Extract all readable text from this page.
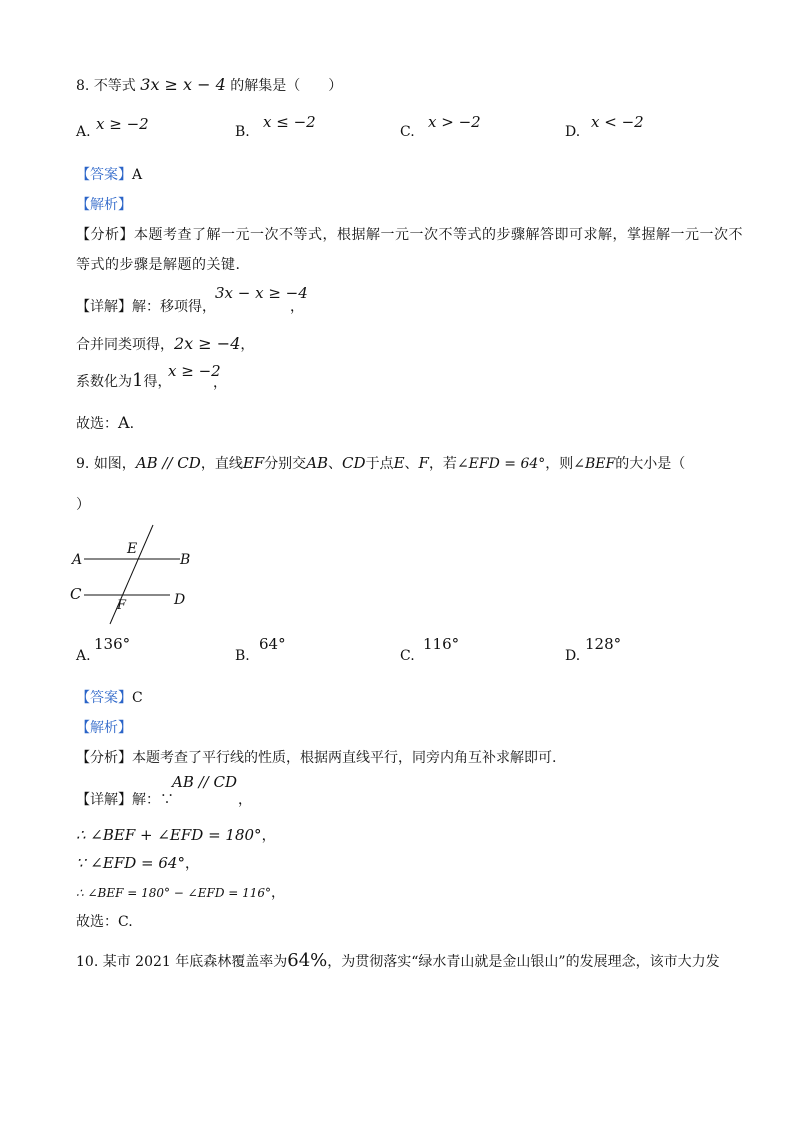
8. 不等式 3x ≥ x − 4 的解集是（　　）
A. x ≥ −2	B.
x ≤ −2
C.
x > −2
D.
x < −2
【答案】A
【解析】
【分析】本题考查了解一元一次不等式，根据解一元一次不等式的步骤解答即可求解，掌握解一元一次不
等式的步骤是解题的关键.
【详解】解：移项得，
3x − x ≥ −4
，
合并同类项得，2x ≥ −4，
系数化为1得，
x ≥ −2
，
故选：A.
9. 如图，AB // CD，直线EF分别交AB、CD于点E、F，若∠EFD = 64°，则∠BEF的大小是（
）
A
E
B
C
F	D
A.
136°
B.
64°
C.
116°
D.
128°
【答案】C
【解析】
【分析】本题考查了平行线的性质，根据两直线平行，同旁内角互补求解即可.
【详解】解：∵
AB // CD
，
∴ ∠BEF + ∠EFD = 180°，
∵ ∠EFD = 64°，
∴ ∠BEF = 180° − ∠EFD = 116°，
故选：C.
10. 某市 2021 年底森林覆盖率为64%，为贯彻落实“绿水青山就是金山银山”的发展理念，该市大力发
